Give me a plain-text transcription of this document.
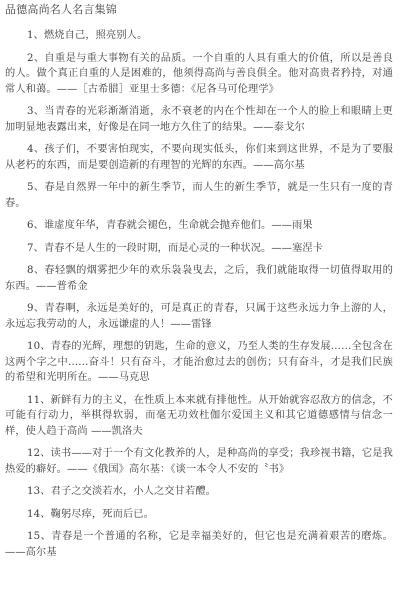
品德高尚名人名言集锦

1、燃烧自己，照亮别人。

2、自重是与重大事物有关的品质。一个自重的人具有重大的价值，所以是善良的人。做个真正自重的人是困难的，他须得高尚与善良俱全。他对高贵者矜持，对通常人和蔼。——［古希腊］亚里士多德：《尼各马可伦理学》

3、当青春的光彩渐渐消逝，永不衰老的内在个性却在一个人的脸上和眼睛上更加明显地表露出来，好像是在同一地方久住了的结果。——泰戈尔

4、孩子们，不要害怕现实，不要向现实低头，你们来到这世界，不是为了要服从老朽的东西，而是要创造新的有理智的光辉的东西。——高尔基

5、春是自然界一年中的新生季节，而人生的新生季节，就是一生只有一度的青春。

6、谁虚度年华，青春就会褪色，生命就会抛弃他们。——雨果

7、青春不是人生的一段时期，而是心灵的一种状况。——塞涅卡

8、春轻飘的烟雾把少年的欢乐袅袅曳去，之后，我们就能取得一切值得取用的东西。——普希金

9、青春啊，永远是美好的，可是真正的青春，只属于这些永远力争上游的人，永远忘我劳动的人，永远谦虚的人！——雷锋

10、青春的光辉，理想的钥匙，生命的意义，乃至人类的生存发展……全包含在这两个字之中……奋斗！只有奋斗，才能治愈过去的创伤；只有奋斗，才是我们民族的希望和光明所在。——马克思

11、新鲜有力的主义，在性质上本来就有排他性。从开始就容忍敌方的信念，不可能有行动力，举棋得软弱，而毫无功效杜伽尔爱国主义和其它道德感情与信念一样，使人趋于高尚 ——凯洛夫

12、读书——对于一个有文化教养的人，是种高尚的享受；我珍视书籍，它是我热爱的癖好。——《俄国》高尔基：《谈一本令人不安的〝书》

13、君子之交淡若水，小人之交甘若醴。

14、鞠躬尽瘁，死而后已。

15、青春是一个普通的名称，它是幸福美好的，但它也是充满着艰苦的磨炼。——高尔基
